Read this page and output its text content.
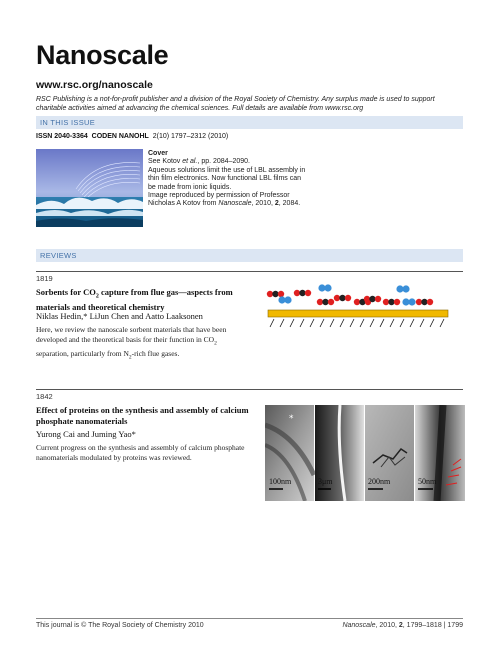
Nanoscale
www.rsc.org/nanoscale
RSC Publishing is a not-for-profit publisher and a division of the Royal Society of Chemistry. Any surplus made is used to support charitable activities aimed at advancing the chemical sciences. Full details are available from www.rsc.org
IN THIS ISSUE
ISSN 2040-3364 CODEN NANOHL 2(10) 1797–2312 (2010)
Cover
See Kotov et al., pp. 2084–2090.
Aqueous solutions limit the use of LBL assembly in thin film electronics. Now functional LBL films can be made from ionic liquids.
Image reproduced by permission of Professor Nicholas A Kotov from Nanoscale, 2010, 2, 2084.
REVIEWS
1819
Sorbents for $CO_2$ capture from flue gas—aspects from materials and theoretical chemistry
Niklas Hedin,* LiJun Chen and Aatto Laaksonen
Here, we review the nanoscale sorbent materials that have been developed and the theoretical basis for their function in $CO_2$ separation, particularly from $N_2$-rich flue gases.
1842
Effect of proteins on the synthesis and assembly of calcium phosphate nanomaterials
Yurong Cai and Juming Yao*
Current progress on the synthesis and assembly of calcium phosphate nanomaterials modulated by proteins was reviewed.
*
100nm	3μm	200nm	50nm
This journal is © The Royal Society of Chemistry 2010	Nanoscale, 2010, 2, 1799–1818 | 1799
